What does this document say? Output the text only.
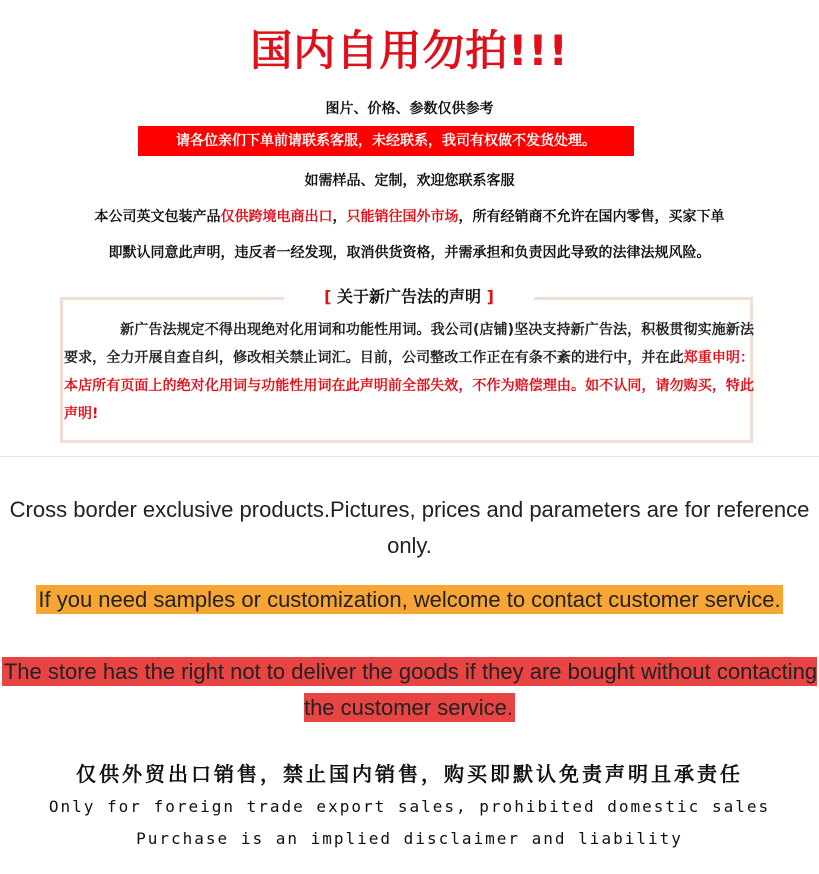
国内自用勿拍!!!
图片、价格、参数仅供参考
请各位亲们下单前请联系客服，未经联系，我司有权做不发货处理。
如需样品、定制，欢迎您联系客服
本公司英文包装产品仅供跨境电商出口，只能销往国外市场，所有经销商不允许在国内零售，买家下单
即默认同意此声明，违反者一经发现，取消供货资格，并需承担和负责因此导致的法律法规风险。
[ 关于新广告法的声明 ]
新广告法规定不得出现绝对化用词和功能性用词。我公司(店铺)坚决支持新广告法，积极贯彻实施新法要求，全力开展自查自纠，修改相关禁止词汇。目前，公司整改工作正在有条不紊的进行中，并在此郑重申明：本店所有页面上的绝对化用词与功能性用词在此声明前全部失效，不作为赔偿理由。如不认同，请勿购买，特此声明!
Cross border exclusive products.Pictures, prices and parameters are for reference only.
If you need samples or customization, welcome to contact customer service.
The store has the right not to deliver the goods if they are bought without contacting the customer service.
仅供外贸出口销售，禁止国内销售，购买即默认免责声明且承责任
Only for foreign trade export sales, prohibited domestic sales
Purchase is an implied disclaimer and liability
